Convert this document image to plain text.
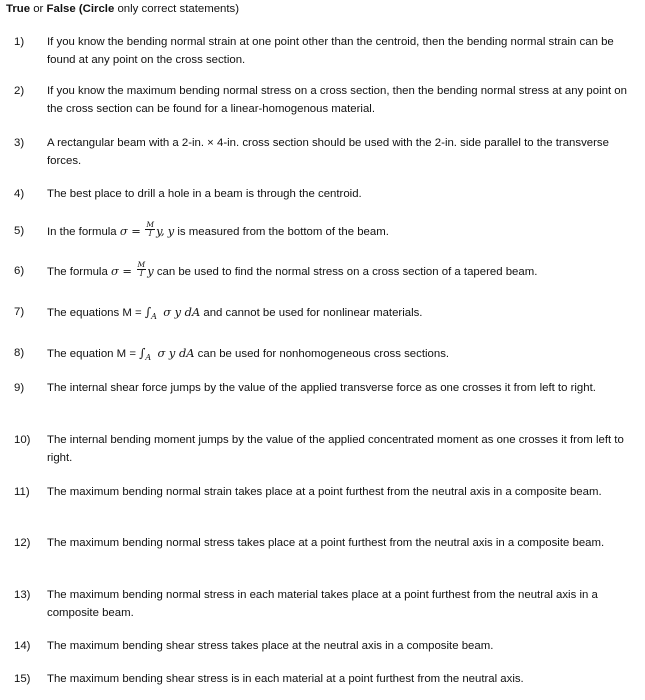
True or False (Circle only correct statements)
1)	If you know the bending normal strain at one point other than the centroid, then the bending normal strain can be found at any point on the cross section.
2)	If you know the maximum bending normal stress on a cross section, then the bending normal stress at any point on the cross section can be found for a linear-homogenous material.
3)	A rectangular beam with a 2-in. × 4-in. cross section should be used with the 2-in. side parallel to the transverse forces.
4)	The best place to drill a hole in a beam is through the centroid.
5)	In the formula $\sigma = \frac{M}{I} y$, y is measured from the bottom of the beam.
6)	The formula $\sigma = \frac{M}{I}$ y can be used to find the normal stress on a cross section of a tapered beam.
7)	The equations $M = \int_A$ σ y dA and cannot be used for nonlinear materials.
8)	The equation $M = \int_A$ σ y dA can be used for nonhomogeneous cross sections.
9)	The internal shear force jumps by the value of the applied transverse force as one crosses it from left to right.
10)	The internal bending moment jumps by the value of the applied concentrated moment as one crosses it from left to right.
11)	The maximum bending normal strain takes place at a point furthest from the neutral axis in a composite beam.
12)	The maximum bending normal stress takes place at a point furthest from the neutral axis in a composite beam.
13)	The maximum bending normal stress in each material takes place at a point furthest from the neutral axis in a composite beam.
14)	The maximum bending shear stress takes place at the neutral axis in a composite beam.
15)	The maximum bending shear stress is in each material at a point furthest from the neutral axis.
